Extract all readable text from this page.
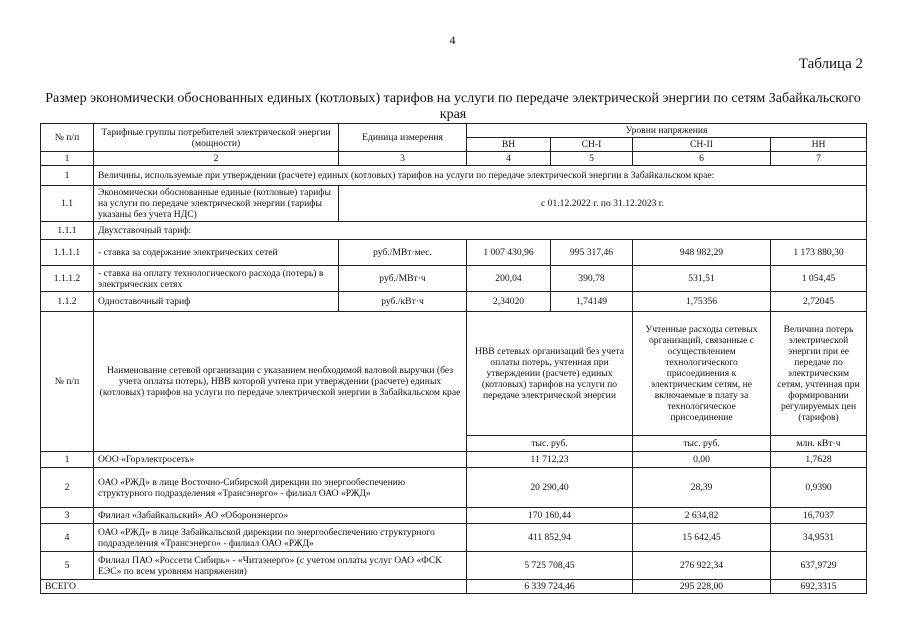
4
Таблица 2
Размер экономически обоснованных единых (котловых) тарифов на услуги по передаче электрической энергии по сетям Забайкальского края
№ п/п	Тарифные группы потребителей электрической энергии (мощности)	Единица измерения	Уровни напряжения			
			ВН	СН-I	СН-II	НН
1	2	3	4	5	6	7
1	Величины, используемые при утверждении (расчете) единых (котловых) тарифов на услуги по передаче электрической энергии в Забайкальском крае:					
1.1	Экономически обоснованные единые (котловые) тарифы на услуги по передаче электрической энергии (тарифы указаны без учета НДС)	с 01.12.2022 г. по 31.12.2023 г.				
1.1.1	Двухставочный тариф:					
1.1.1.1	- ставка за содержание электрических сетей	руб./МВт·мес.	1 007 430,96	995 317,46	948 982,29	1 173 880,30
1.1.1.2	- ставка на оплату технологического расхода (потерь) в электрических сетях	руб./МВт·ч	200,04	390,78	531,51	1 054,45
1.1.2	Одноставочный тариф	руб./кВт·ч	2,34020	1,74149	1,75356	2,72045
№ п/п	Наименование сетевой организации с указанием необходимой валовой выручки (без учета оплаты потерь), НВВ которой учтена при утверждении (расчете) единых (котловых) тарифов на услуги по передаче электрической энергии в Забайкальском крае		НВВ сетевых организаций без учета оплаты потерь, учтенная при утверждении (расчете) единых (котловых) тарифов на услуги по передаче электрической энергии		Учтенные расходы сетевых организаций, связанные с осуществлением технологического присоединения к электрическим сетям, не включаемые в плату за технологическое присоединение	Величина потерь электрической энергии при ее передаче по электрическим сетям, учтенная при формировании регулируемых цен (тарифов)
			тыс. руб.		тыс. руб.	млн. кВт·ч
1	ООО «Горэлектросеть»		11 712,23		0,00	1,7628
2	ОАО «РЖД» в лице Восточно-Сибирской дирекции по энергообеспечению структурного подразделения «Трансэнерго» - филиал ОАО «РЖД»		20 290,40		28,39	0,9390
3	Филиал «Забайкальский» АО «Оборонэнерго»		170 160,44		2 634,82	16,7037
4	ОАО «РЖД» в лице Забайкальской дирекции по энергообеспечению структурного подразделения «Трансэнерго» - филиал ОАО «РЖД»		411 852,94		15 642,45	34,9531
5	Филиал ПАО «Россети Сибирь» - «Читаэнерго» (с учетом оплаты услуг ОАО «ФСК ЕЭС» по всем уровням напряжения)		5 725 708,45		276 922,34	637,9729
ВСЕГО			6 339 724,46		295 228,00	692,3315
